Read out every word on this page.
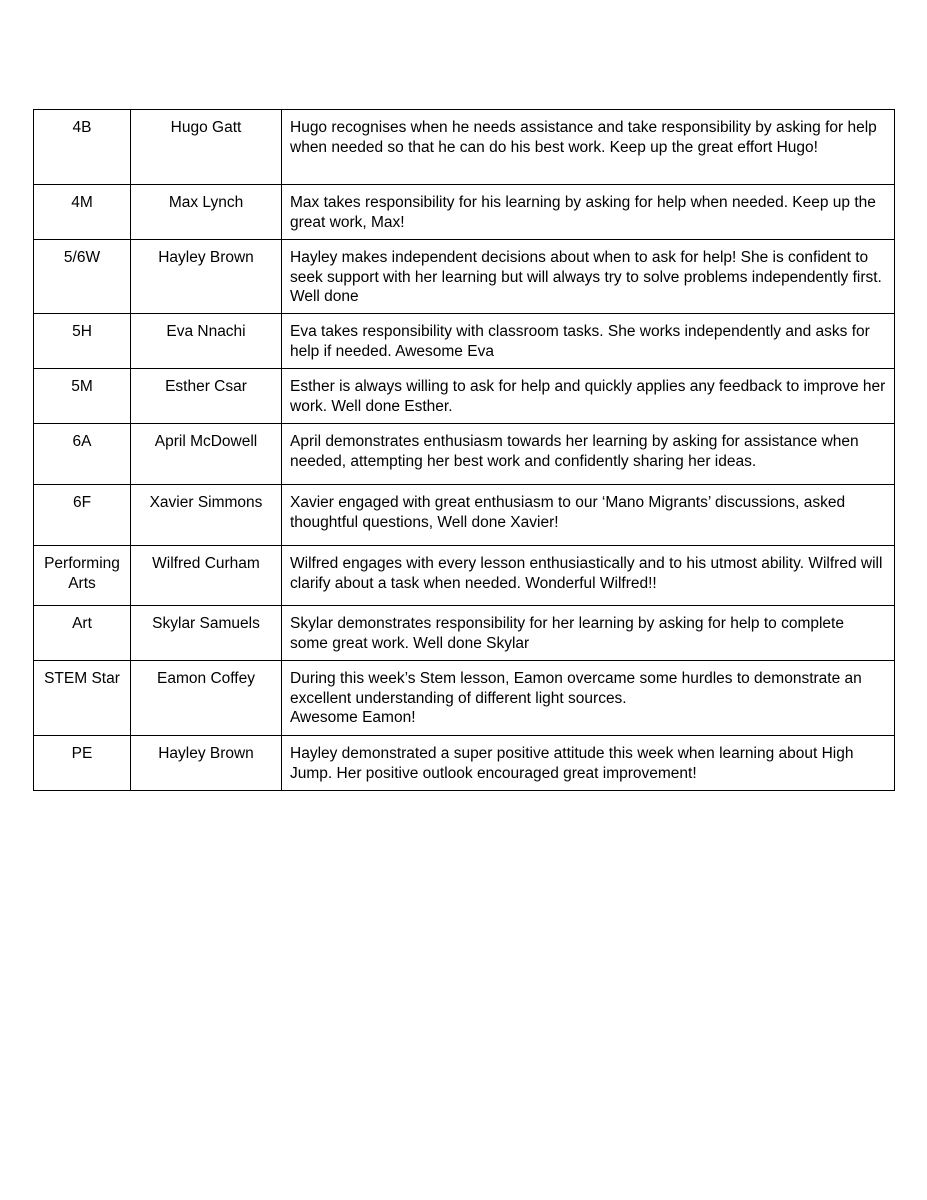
4B	Hugo Gatt	Hugo recognises when he needs assistance and take responsibility by asking for help when needed so that he can do his best work. Keep up the great effort Hugo!
4M	Max Lynch	Max takes responsibility for his learning by asking for help when needed. Keep up the great work, Max!
5/6W	Hayley Brown	Hayley makes independent decisions about when to ask for help! She is confident to seek support with her learning but will always try to solve problems independently first. Well done
5H	Eva Nnachi	Eva takes responsibility with classroom tasks. She works independently and asks for help if needed. Awesome Eva
5M	Esther Csar	Esther is always willing to ask for help and quickly applies any feedback to improve her work. Well done Esther.
6A	April McDowell	April demonstrates enthusiasm towards her learning by asking for assistance when needed, attempting her best work and confidently sharing her ideas.
6F	Xavier Simmons	Xavier engaged with great enthusiasm to our ‘Mano Migrants’ discussions, asked thoughtful questions, Well done Xavier!
Performing Arts	Wilfred Curham	Wilfred engages with every lesson enthusiastically and to his utmost ability. Wilfred will clarify about a task when needed. Wonderful Wilfred!!
Art	Skylar Samuels	Skylar demonstrates responsibility for her learning by asking for help to complete some great work. Well done Skylar
STEM Star	Eamon Coffey	During this week’s Stem lesson, Eamon overcame some hurdles to demonstrate an excellent understanding of different light sources.
Awesome Eamon!
PE	Hayley Brown	Hayley demonstrated a super positive attitude this week when learning about High Jump. Her positive outlook encouraged great improvement!
